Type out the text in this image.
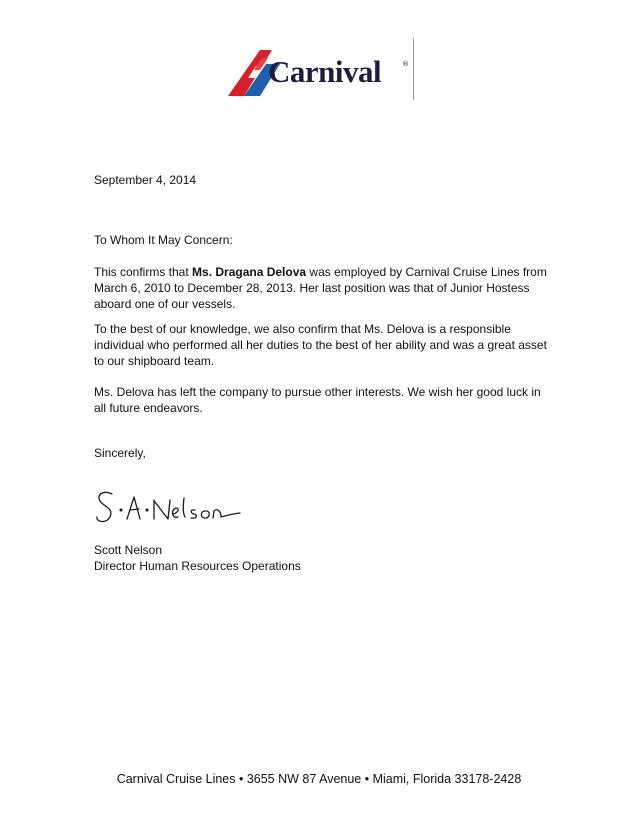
Carnival	®

September 4, 2014

To Whom It May Concern:

This confirms that Ms. Dragana Delova was employed by Carnival Cruise Lines from March 6, 2010 to December 28, 2013. Her last position was that of Junior Hostess aboard one of our vessels.

To the best of our knowledge, we also confirm that Ms. Delova is a responsible individual who performed all her duties to the best of her ability and was a great asset to our shipboard team.

Ms. Delova has left the company to pursue other interests. We wish her good luck in all future endeavors.

Sincerely,

Scott Nelson

Director Human Resources Operations

Carnival Cruise Lines • 3655 NW 87 Avenue • Miami, Florida 33178-2428
